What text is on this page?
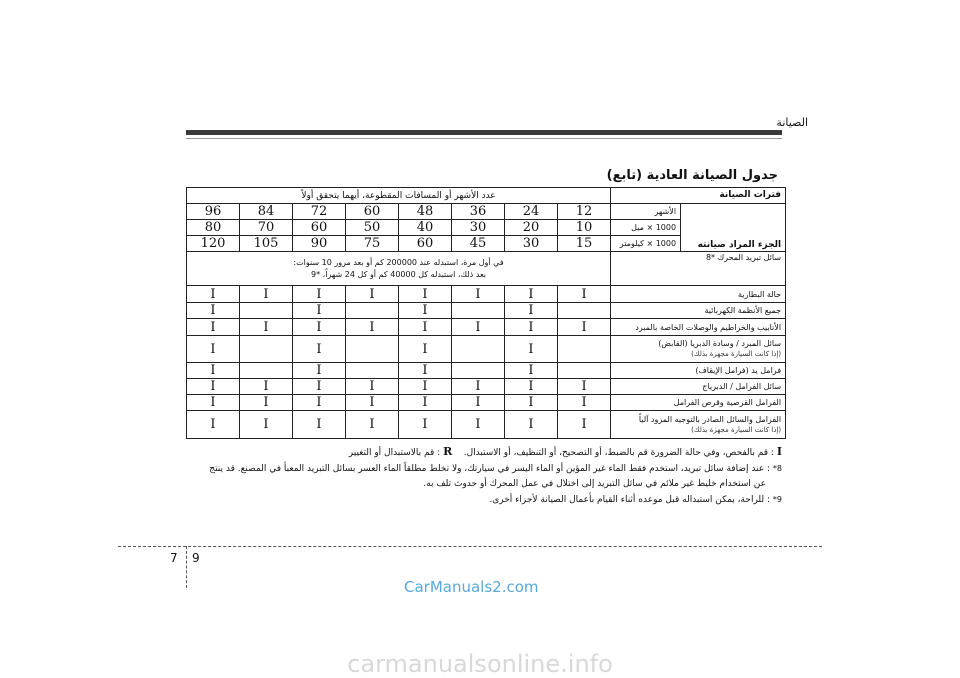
الصيانة
جدول الصيانة العادية (تابع)
عدد الأشهر أو المسافات المقطوعة، أيهما يتحقق أولاً								فترات الصيانة	
96	84	72	60	48	36	24	12	الأشهر	الجزء المراد صيانته
80	70	60	50	40	30	20	10	1000 × ميل	
120	105	90	75	60	45	30	15	1000 × كيلومتر	

في أول مرة، استبدله عند 200000 كم أو بعد مرور 10 سنوات:
بعد ذلك، استبدله كل 40000 كم أو كل 24 شهراً، *9								سائل تبريد المحرك *8	
I	I	I	I	I	I	I	I	حالة البطارية	
I		I		I		I		جميع الأنظمة الكهربائية	
I	I	I	I	I	I	I	I	الأنابيب والخراطيم والوصلات الخاصة بالمبرد	
I		I		I		I		سائل المبرد / وسادة الدبريا (القابض)
(إذا كانت السيارة مجهزة بذلك)	

I		I		I		I		فرامل يد (فرامل الإيقاف)	
I	I	I	I	I	I	I	I	سائل الفرامل / الدبرياج	
I	I	I	I	I	I	I	I	الفرامل القرصية وقرص الفرامل	
I	I	I	I	I	I	I	I	الفرامل والسائل الصادر بالتوجيه المزود آلياً
(إذا كانت السيارة مجهزة بذلك)	
I : قم بالفحص، وفي حالة الضرورة قم بالضبط، أو التصحيح، أو التنظيف، أو الاستبدال.    R : قم بالاستبدال أو التغيير
8* : عند إضافة سائل تبريد، استخدم فقط الماء غير المؤين أو الماء اليسر في سيارتك، ولا تخلط مطلقاً الماء العسر بسائل التبريد المعبأ في المصنع. قد ينتج
عن استخدام خليط غير ملائم في سائل التبريد إلى اختلال في عمل المحرك أو حدوث تلف به.
9* : للراحة، يمكن استبداله قبل موعده أثناء القيام بأعمال الصيانة لأجزاء أخرى.
7 9
CarManuals2.com
carmanualsonline.info
